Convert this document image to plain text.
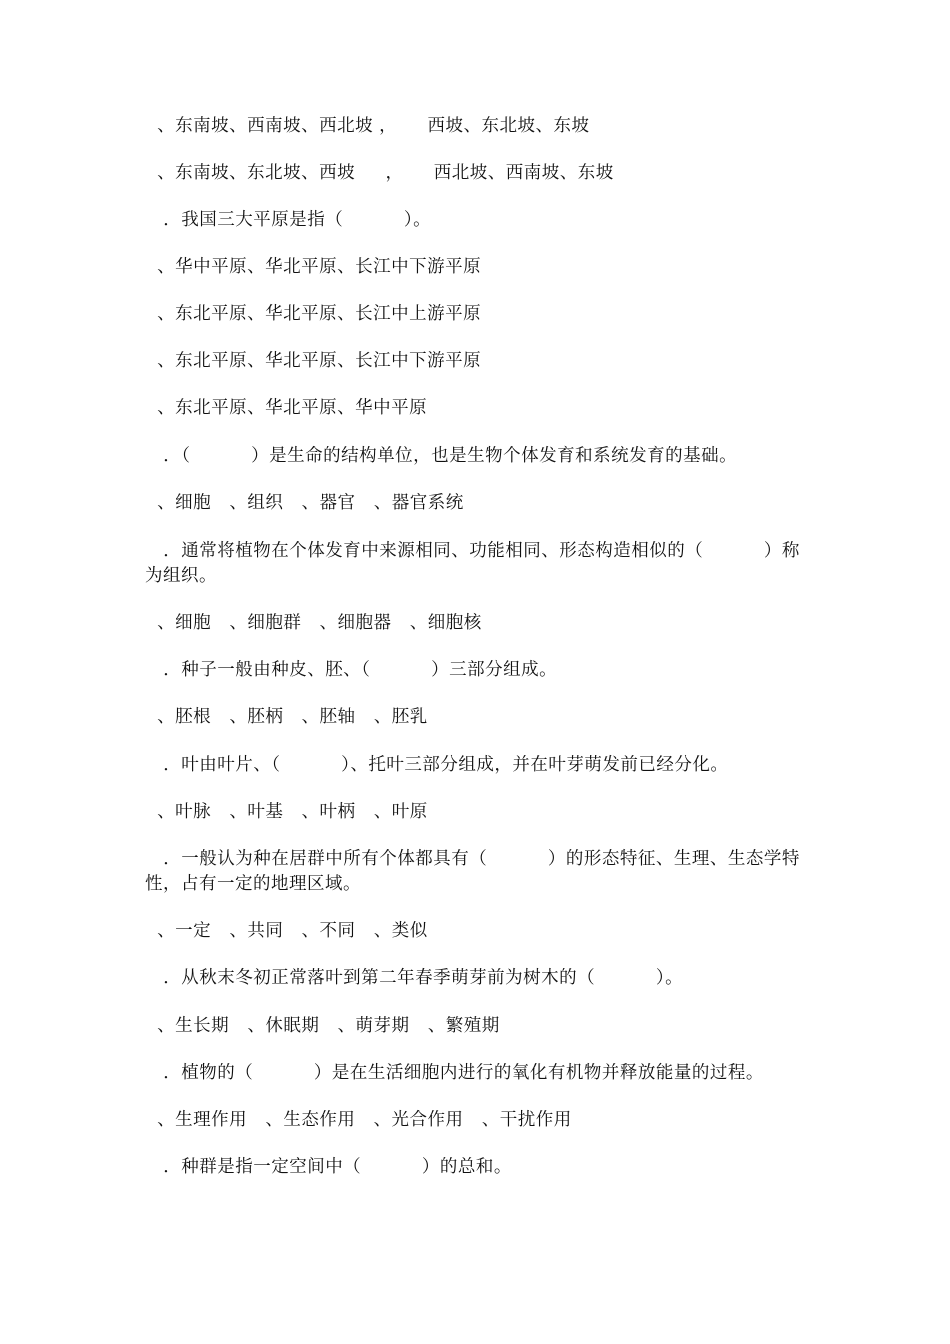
、东南坡、西南坡、西北坡 ，     西坡、东北坡、东坡
、东南坡、东北坡、西坡     ，     西北坡、西南坡、东坡
．我国三大平原是指（          ）。
、华中平原、华北平原、长江中下游平原
、东北平原、华北平原、长江中上游平原
、东北平原、华北平原、长江中下游平原
、东北平原、华北平原、华中平原
．（          ）是生命的结构单位，也是生物个体发育和系统发育的基础。
、细胞   、组织   、器官   、器官系统
．通常将植物在个体发育中来源相同、功能相同、形态构造相似的（          ）称为组织。
、细胞   、细胞群   、细胞器   、细胞核
．种子一般由种皮、胚、（          ）三部分组成。
、胚根   、胚柄   、胚轴   、胚乳
．叶由叶片、（          ）、托叶三部分组成，并在叶芽萌发前已经分化。
、叶脉   、叶基   、叶柄   、叶原
．一般认为种在居群中所有个体都具有（          ）的形态特征、生理、生态学特性，占有一定的地理区域。
、一定   、共同   、不同   、类似
．从秋末冬初正常落叶到第二年春季萌芽前为树木的（          ）。
、生长期   、休眠期   、萌芽期   、繁殖期
．植物的（          ）是在生活细胞内进行的氧化有机物并释放能量的过程。
、生理作用   、生态作用   、光合作用   、干扰作用
．种群是指一定空间中（          ）的总和。
